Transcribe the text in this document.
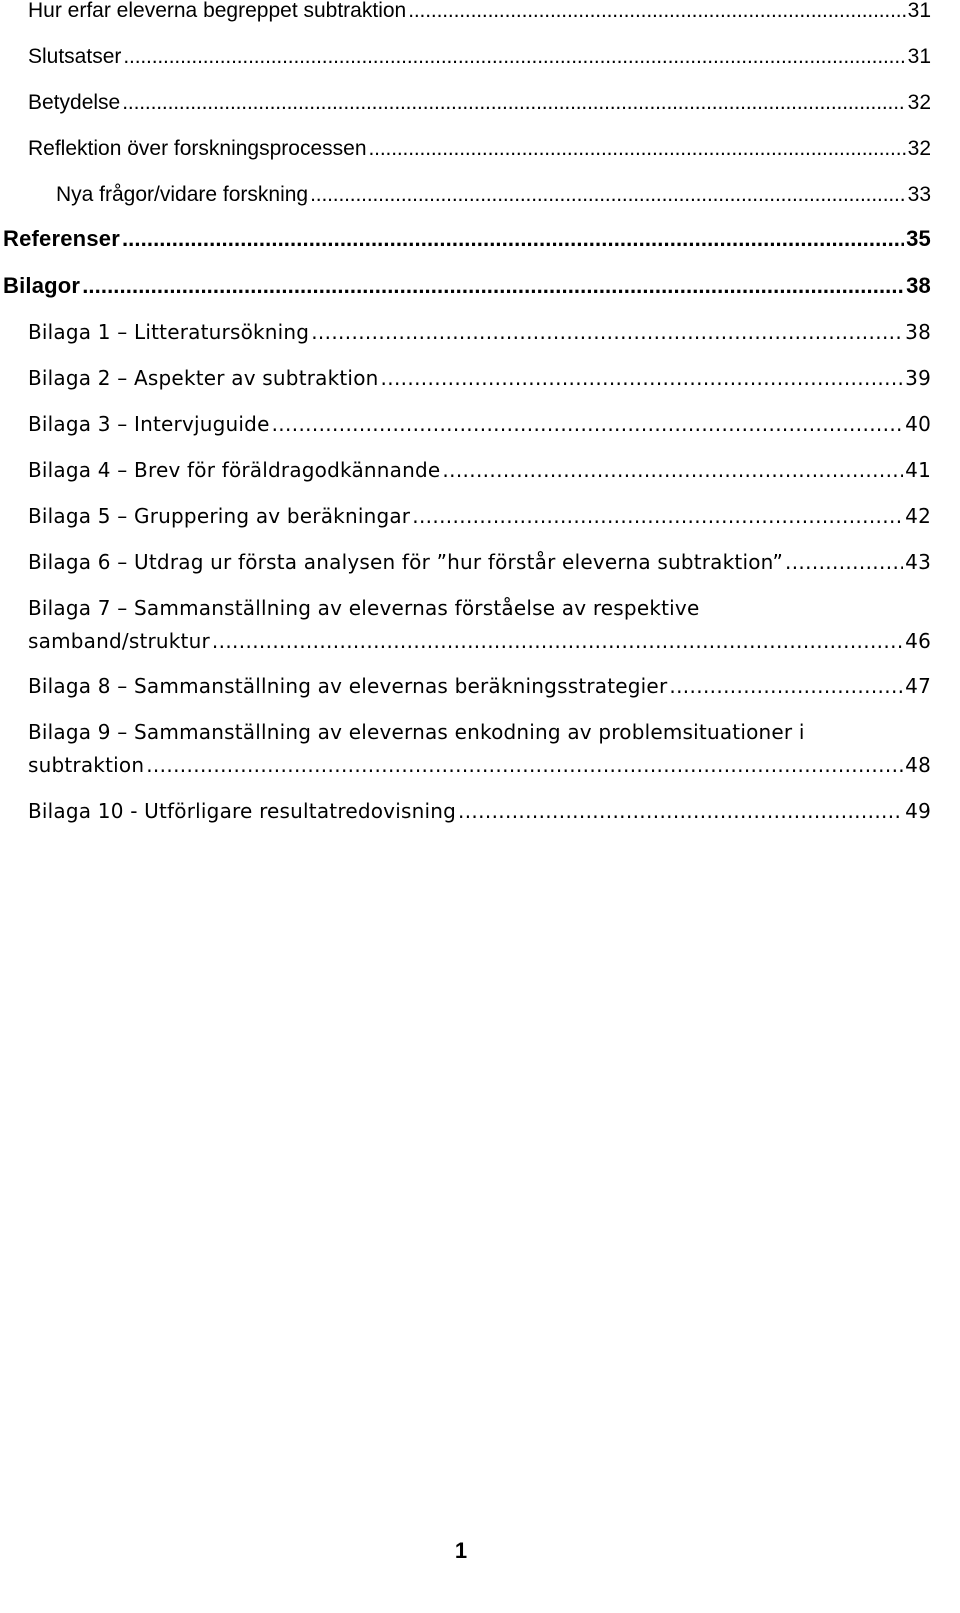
Hur erfar eleverna begreppet subtraktion . . .	31
Slutsatser . . .	31
Betydelse . . .	32
Reflektion över forskningsprocessen . . .	32
Nya frågor/vidare forskning . . .	33
Referenser . . .	35
Bilagor . . .	38
Bilaga 1 – Litteratursökning . . .	38
Bilaga 2 – Aspekter av subtraktion . . .	39
Bilaga 3 – Intervjuguide . . .	40
Bilaga 4 – Brev för föräldragodkännande . . .	41
Bilaga 5 – Gruppering av beräkningar . . .	42
Bilaga 6 – Utdrag ur första analysen för ”hur förstår eleverna subtraktion” . . .	43
Bilaga 7 – Sammanställning av elevernas förståelse av respektive
samband/struktur . . .	46
Bilaga 8 – Sammanställning av elevernas beräkningsstrategier . . .	47
Bilaga 9 – Sammanställning av elevernas enkodning av problemsituationer i
subtraktion . . .	48
Bilaga 10 - Utförligare resultatredovisning . . .	49
1
